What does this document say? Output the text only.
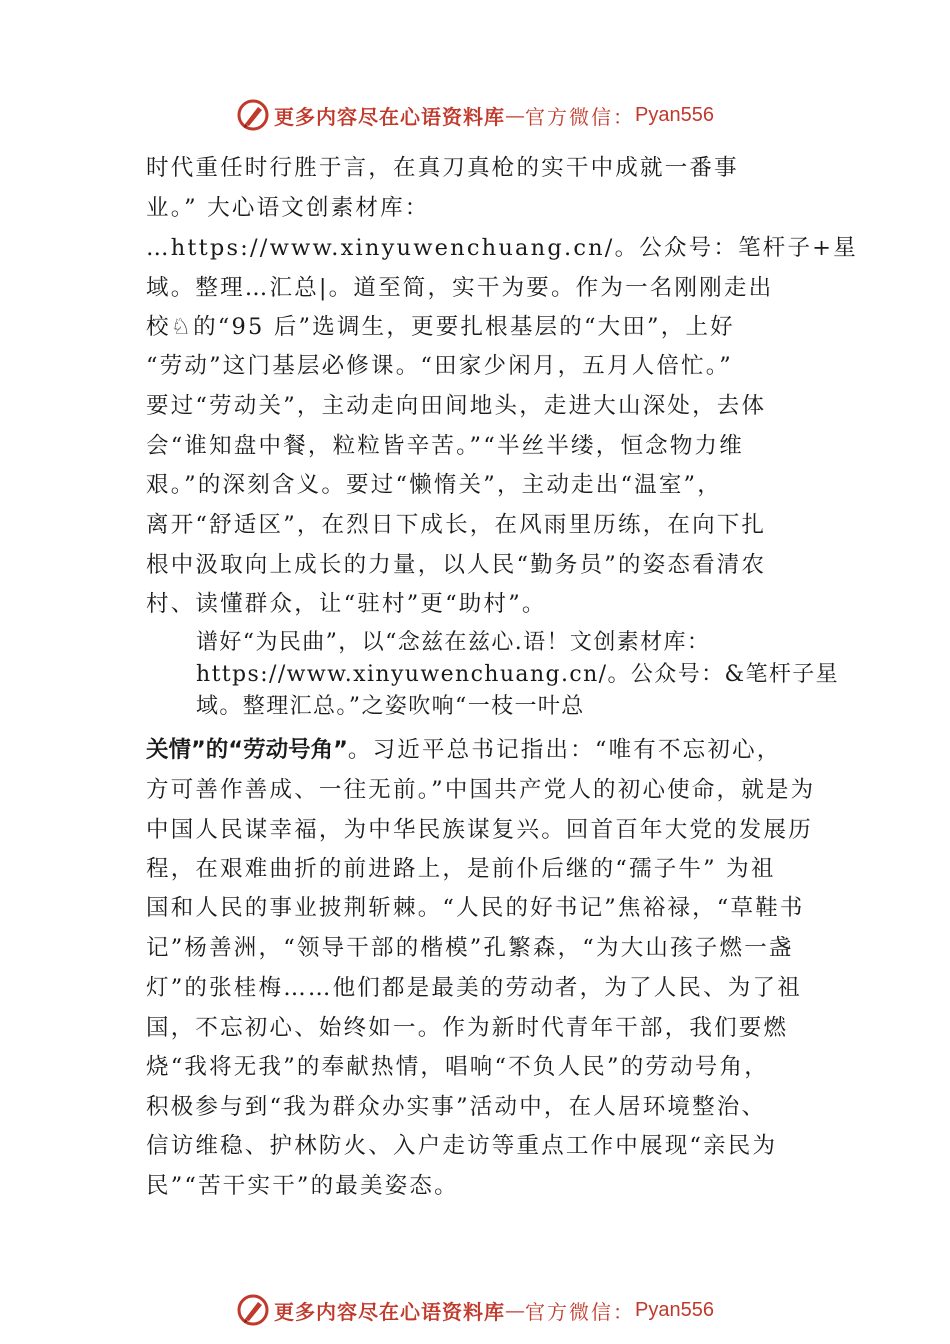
更多内容尽在心语资料库 — 官方微信： Pyan556
时代重任时行胜于言，在真刀真枪的实干中成就一番事
业。” 大心语文创素材库：
…https://www.xinyuwenchuang.cn/。公众号：笔杆子+星
域。整理…汇总|。道至简，实干为要。作为一名刚刚走出
校♘的“95 后”选调生，更要扎根基层的“大田”，上好
“劳动”这门基层必修课。“田家少闲月，五月人倍忙。”
要过“劳动关”，主动走向田间地头，走进大山深处，去体
会“谁知盘中餐，粒粒皆辛苦。”“半丝半缕，恒念物力维
艰。”的深刻含义。要过“懒惰关”，主动走出“温室”，
离开“舒适区”，在烈日下成长，在风雨里历练，在向下扎
根中汲取向上成长的力量，以人民“勤务员”的姿态看清农
村、读懂群众，让“驻村”更“助村”。
谱好“为民曲”，以“念兹在兹心.语！文创素材库：
https://www.xinyuwenchuang.cn/。公众号：&笔杆子星
域。整理汇总。”之姿吹响“一枝一叶总
关情”的“劳动号角”。习近平总书记指出：“唯有不忘初心，
方可善作善成、一往无前。”中国共产党人的初心使命，就是为
中国人民谋幸福，为中华民族谋复兴。回首百年大党的发展历
程，在艰难曲折的前进路上，是前仆后继的“孺子牛” 为祖
国和人民的事业披荆斩棘。“人民的好书记”焦裕禄，“草鞋书
记”杨善洲，“领导干部的楷模”孔繁森，“为大山孩子燃一盏
灯”的张桂梅……他们都是最美的劳动者，为了人民、为了祖
国，不忘初心、始终如一。作为新时代青年干部，我们要燃
烧“我将无我”的奉献热情，唱响“不负人民”的劳动号角，
积极参与到“我为群众办实事”活动中，在人居环境整治、
信访维稳、护林防火、入户走访等重点工作中展现“亲民为
民”“苦干实干”的最美姿态。
更多内容尽在心语资料库 — 官方微信： Pyan556
